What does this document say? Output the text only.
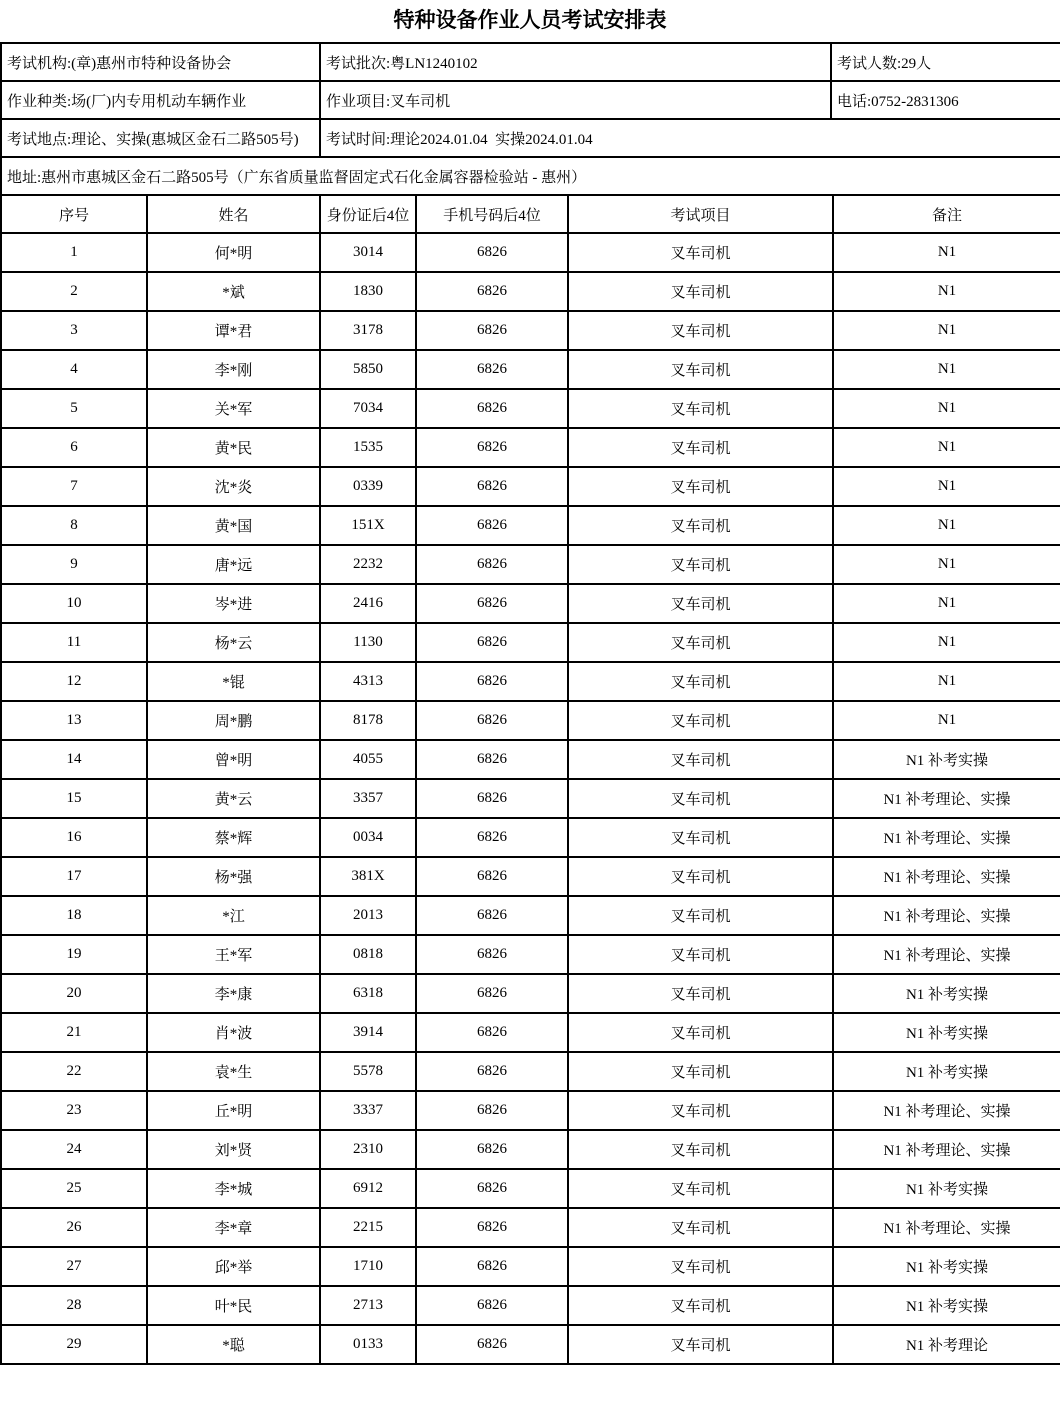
特种设备作业人员考试安排表
考试机构:(章)惠州市特种设备协会	考试批次:粤LN1240102	考试人数:29人
作业种类:场(厂)内专用机动车辆作业	作业项目:叉车司机	电话:0752-2831306
考试地点:理论、实操(惠城区金石二路505号)	考试时间:理论2024.01.04  实操2024.01.04	
地址:惠州市惠城区金石二路505号（广东省质量监督固定式石化金属容器检验站 - 惠州）		
序号	姓名	身份证后4位	手机号码后4位	考试项目	备注
1	何*明	3014	6826	叉车司机	N1
2	*斌	1830	6826	叉车司机	N1
3	谭*君	3178	6826	叉车司机	N1
4	李*刚	5850	6826	叉车司机	N1
5	关*军	7034	6826	叉车司机	N1
6	黄*民	1535	6826	叉车司机	N1
7	沈*炎	0339	6826	叉车司机	N1
8	黄*国	151X	6826	叉车司机	N1
9	唐*远	2232	6826	叉车司机	N1
10	岑*进	2416	6826	叉车司机	N1
11	杨*云	1130	6826	叉车司机	N1
12	*锟	4313	6826	叉车司机	N1
13	周*鹏	8178	6826	叉车司机	N1
14	曾*明	4055	6826	叉车司机	N1 补考实操
15	黄*云	3357	6826	叉车司机	N1 补考理论、实操
16	蔡*辉	0034	6826	叉车司机	N1 补考理论、实操
17	杨*强	381X	6826	叉车司机	N1 补考理论、实操
18	*江	2013	6826	叉车司机	N1 补考理论、实操
19	王*军	0818	6826	叉车司机	N1 补考理论、实操
20	李*康	6318	6826	叉车司机	N1 补考实操
21	肖*波	3914	6826	叉车司机	N1 补考实操
22	袁*生	5578	6826	叉车司机	N1 补考实操
23	丘*明	3337	6826	叉车司机	N1 补考理论、实操
24	刘*贤	2310	6826	叉车司机	N1 补考理论、实操
25	李*城	6912	6826	叉车司机	N1 补考实操
26	李*章	2215	6826	叉车司机	N1 补考理论、实操
27	邱*举	1710	6826	叉车司机	N1 补考实操
28	叶*民	2713	6826	叉车司机	N1 补考实操
29	*聪	0133	6826	叉车司机	N1 补考理论
